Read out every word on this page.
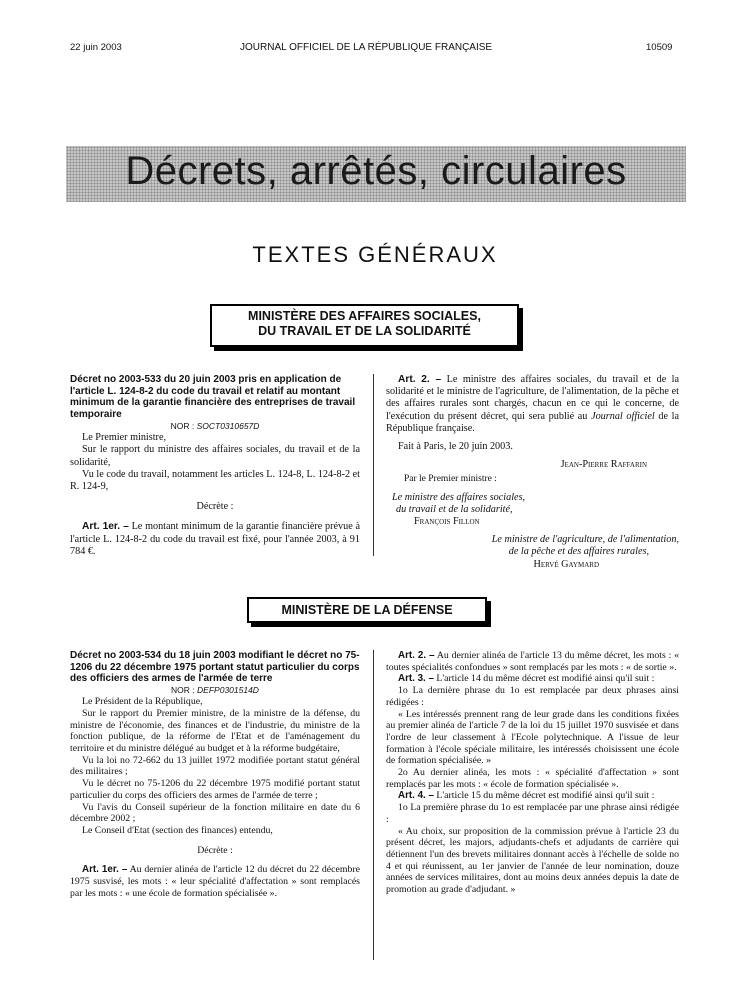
22 juin 2003	JOURNAL OFFICIEL DE LA RÉPUBLIQUE FRANÇAISE	10509
Décrets, arrêtés, circulaires
TEXTES GÉNÉRAUX
MINISTÈRE DES AFFAIRES SOCIALES,
DU TRAVAIL ET DE LA SOLIDARITÉ

Décret no 2003-533 du 20 juin 2003 pris en application de l'article L. 124-8-2 du code du travail et relatif au montant minimum de la garantie financière des entreprises de travail temporaire

NOR : SOCT0310657D

Le Premier ministre,

Sur le rapport du ministre des affaires sociales, du travail et de la solidarité,

Vu le code du travail, notamment les articles L. 124-8, L. 124-8-2 et R. 124-9,

Décrète :

Art. 1er. – Le montant minimum de la garantie financière prévue à l'article L. 124-8-2 du code du travail est fixé, pour l'année 2003, à 91 784 €.

Art. 2. – Le ministre des affaires sociales, du travail et de la solidarité et le ministre de l'agriculture, de l'alimentation, de la pêche et des affaires rurales sont chargés, chacun en ce qui le concerne, de l'exécution du présent décret, qui sera publié au Journal officiel de la République française.

Fait à Paris, le 20 juin 2003.

Jean-Pierre Raffarin

Par le Premier ministre :

Le ministre des affaires sociales,

du travail et de la solidarité,

François Fillon

Le ministre de l'agriculture, de l'alimentation,

de la pêche et des affaires rurales,

Hervé Gaymard

MINISTÈRE DE LA DÉFENSE

Décret no 2003-534 du 18 juin 2003 modifiant le décret no 75-1206 du 22 décembre 1975 portant statut particulier du corps des officiers des armes de l'armée de terre

NOR : DEFP0301514D

Le Président de la République,

Sur le rapport du Premier ministre, de la ministre de la défense, du ministre de l'économie, des finances et de l'industrie, du ministre de la fonction publique, de la réforme de l'Etat et de l'aménagement du territoire et du ministre délégué au budget et à la réforme budgétaire,

Vu la loi no 72-662 du 13 juillet 1972 modifiée portant statut général des militaires ;

Vu le décret no 75-1206 du 22 décembre 1975 modifié portant statut particulier du corps des officiers des armes de l'armée de terre ;

Vu l'avis du Conseil supérieur de la fonction militaire en date du 6 décembre 2002 ;

Le Conseil d'Etat (section des finances) entendu,

Décrète :

Art. 1er. – Au dernier alinéa de l'article 12 du décret du 22 décembre 1975 susvisé, les mots : « leur spécialité d'affectation » sont remplacés par les mots : « une école de formation spécialisée ».

Art. 2. – Au dernier alinéa de l'article 13 du même décret, les mots : « toutes spécialités confondues » sont remplacés par les mots : « de sortie ».

Art. 3. – L'article 14 du même décret est modifié ainsi qu'il suit :

1o La dernière phrase du 1o est remplacée par deux phrases ainsi rédigées :

« Les intéressés prennent rang de leur grade dans les conditions fixées au premier alinéa de l'article 7 de la loi du 15 juillet 1970 susvisée et dans l'ordre de leur classement à l'Ecole polytechnique. A l'issue de leur formation à l'école spéciale militaire, les intéressés choisissent une école de formation spécialisée. »

2o Au dernier alinéa, les mots : « spécialité d'affectation » sont remplacés par les mots : « école de formation spécialisée ».

Art. 4. – L'article 15 du même décret est modifié ainsi qu'il suit :

1o La première phrase du 1o est remplacée par une phrase ainsi rédigée :

« Au choix, sur proposition de la commission prévue à l'article 23 du présent décret, les majors, adjudants-chefs et adjudants de carrière qui détiennent l'un des brevets militaires donnant accès à l'échelle de solde no 4 et qui réunissent, au 1er janvier de l'année de leur nomination, douze années de services militaires, dont au moins deux années depuis la date de promotion au grade d'adjudant. »
